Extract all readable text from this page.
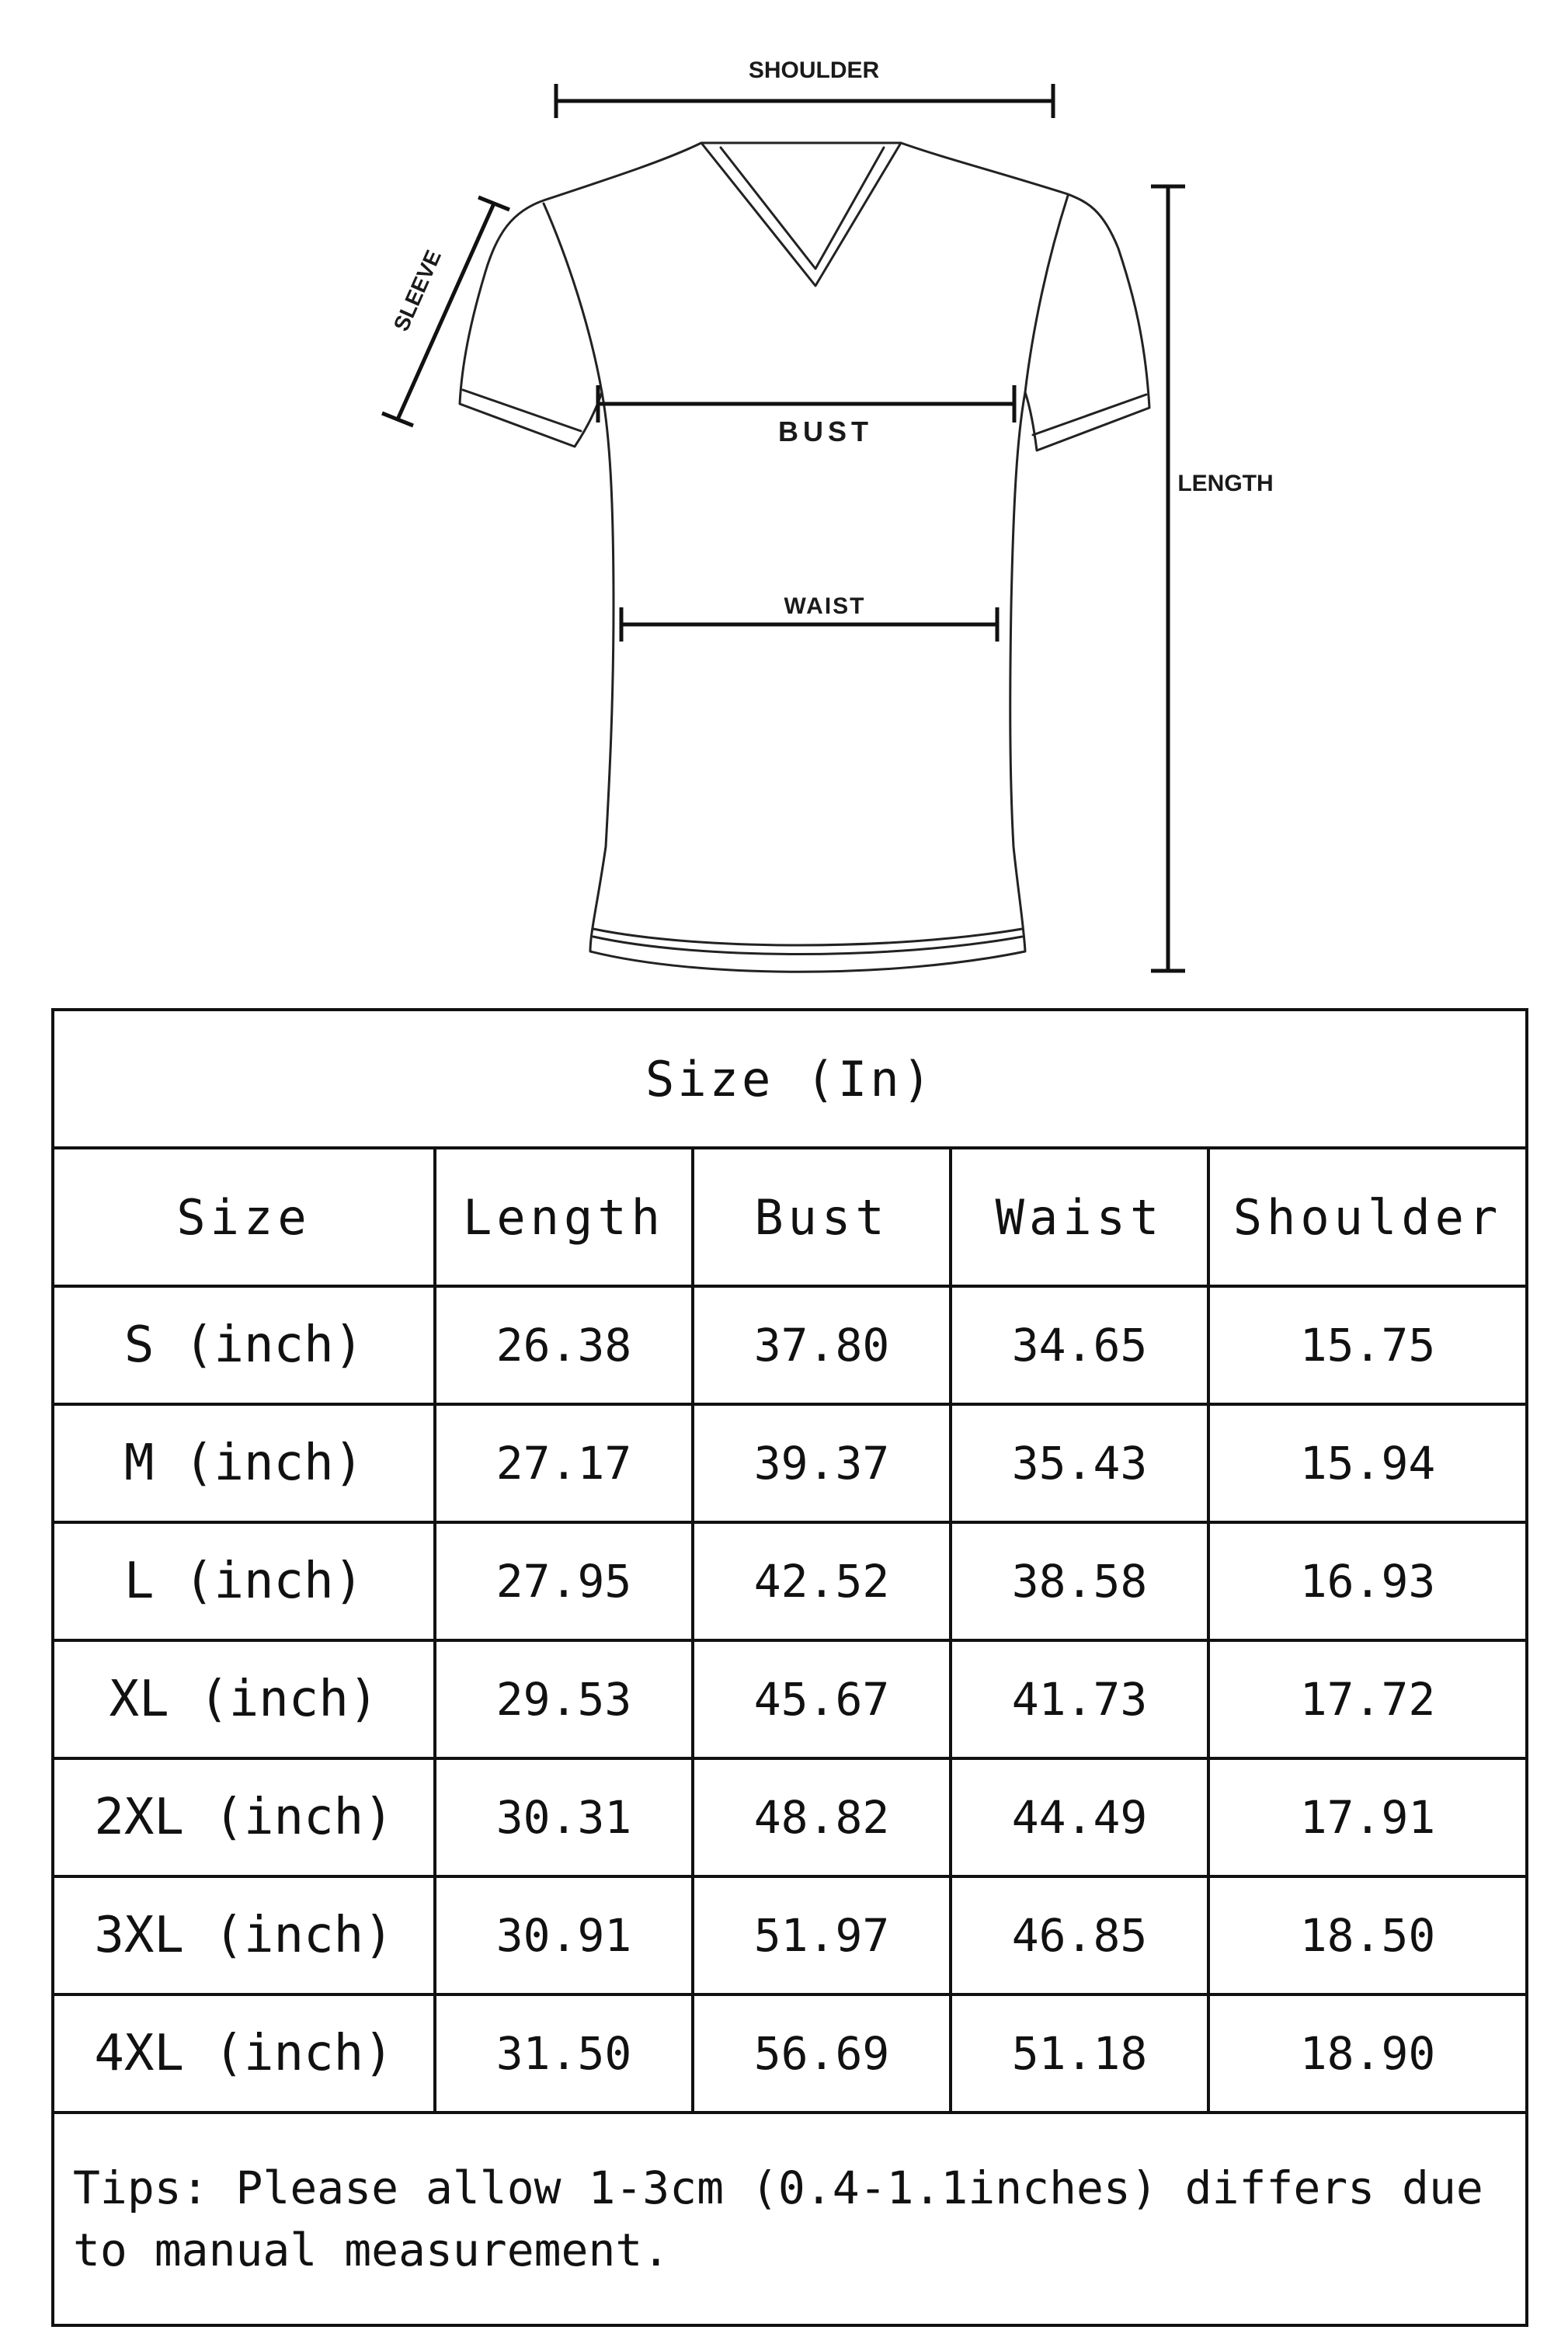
SHOULDER
BUST
WAIST
LENGTH
SLEEVE
Size (In)				
Size	Length	Bust	Waist	Shoulder
S (inch)	26.38	37.80	34.65	15.75
M (inch)	27.17	39.37	35.43	15.94
L (inch)	27.95	42.52	38.58	16.93
XL (inch)	29.53	45.67	41.73	17.72
2XL (inch)	30.31	48.82	44.49	17.91
3XL (inch)	30.91	51.97	46.85	18.50
4XL (inch)	31.50	56.69	51.18	18.90
Tips: Please allow 1-3cm (0.4-1.1inches) differs due to manual measurement.				
